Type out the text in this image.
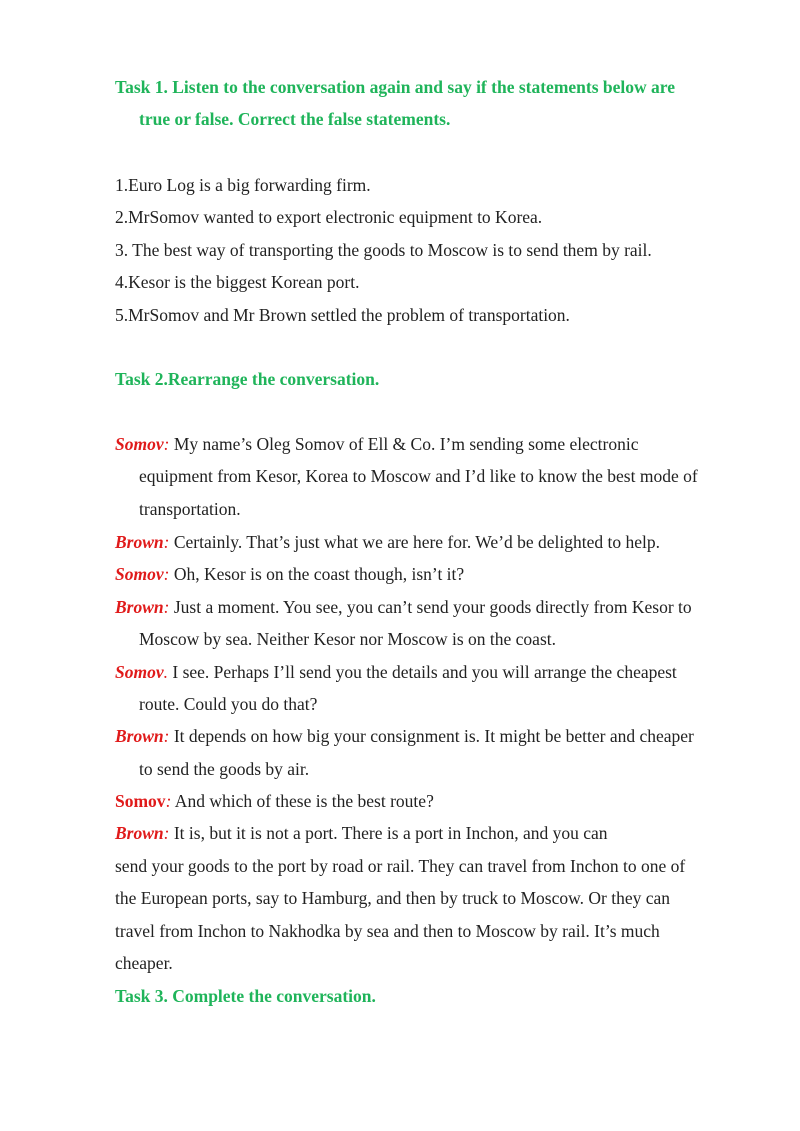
Task 1. Listen to the conversation again and say if the statements below are
true or false. Correct the false statements.
1.Euro Log is a big forwarding firm.
2.MrSomov wanted to export electronic equipment to Korea.
3. The best way of transporting the goods to Moscow is to send them by rail.
4.Kesor is the biggest Korean port.
5.MrSomov and Mr Brown settled the problem of transportation.
Task 2.Rearrange the conversation.
Somov: My name’s Oleg Somov of Ell & Co. I’m sending some electronic
equipment from Kesor, Korea to Moscow and I’d like to know the best mode of
transportation.
Brown: Certainly. That’s just what we are here for. We’d be delighted to help.
Somov: Oh, Kesor is on the coast though, isn’t it?
Brown: Just a moment. You see, you can’t send your goods directly from Kesor to
Moscow by sea. Neither Kesor nor Moscow is on the coast.
Somov. I see. Perhaps I’ll send you the details and you will arrange the cheapest
route. Could you do that?
Brown: It depends on how big your consignment is. It might be better and cheaper
to send the goods by air.
Somov: And which of these is the best route?
Brown: It is, but it is not a port. There is a port in Inchon, and you can
send your goods to the port by road or rail. They can travel from Inchon to one of
the European ports, say to Hamburg, and then by truck to Moscow. Or they can
travel from Inchon to Nakhodka by sea and then to Moscow by rail. It’s much
cheaper.
Task 3. Complete the conversation.
